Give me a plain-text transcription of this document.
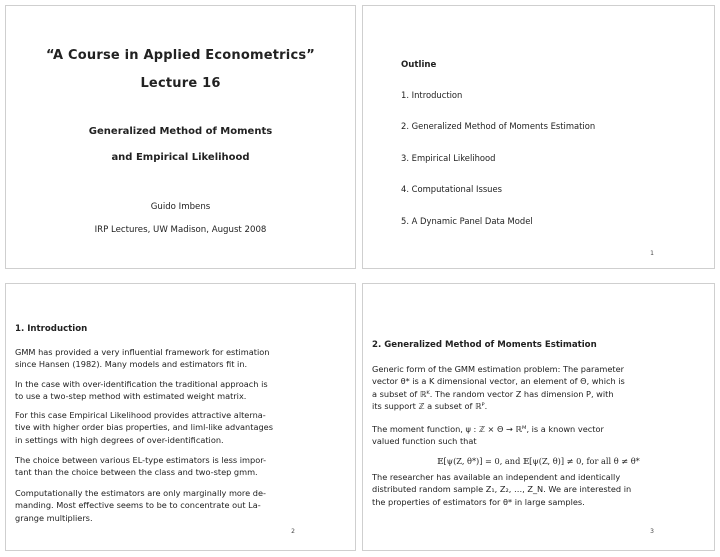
“A Course in Applied Econometrics”
Lecture 16
Generalized Method of Moments
and Empirical Likelihood
Guido Imbens
IRP Lectures, UW Madison, August 2008
Outline
1. Introduction
2. Generalized Method of Moments Estimation
3. Empirical Likelihood
4. Computational Issues
5. A Dynamic Panel Data Model
1
1. Introduction
GMM has provided a very influential framework for estimation
since Hansen (1982). Many models and estimators fit in.
In the case with over-identification the traditional approach is
to use a two-step method with estimated weight matrix.
For this case Empirical Likelihood provides attractive alterna-
tive with higher order bias properties, and liml-like advantages
in settings with high degrees of over-identification.
The choice between various EL-type estimators is less impor-
tant than the choice between the class and two-step gmm.
Computationally the estimators are only marginally more de-
manding. Most effective seems to be to concentrate out La-
grange multipliers.
2
2. Generalized Method of Moments Estimation
Generic form of the GMM estimation problem: The parameter
vector θ* is a K dimensional vector, an element of Θ, which is
a subset of ℝᴷ. The random vector Z has dimension P, with
its support ℤ a subset of ℝᴾ.
The moment function, ψ : ℤ × Θ → ℝᴹ, is a known vector
valued function such that
𝔼[ψ(Z, θ*)] = 0, and 𝔼[ψ(Z, θ)] ≠ 0, for all θ ≠ θ*
The researcher has available an independent and identically
distributed random sample Z₁, Z₂, …, Z_N. We are interested in
the properties of estimators for θ* in large samples.
3
